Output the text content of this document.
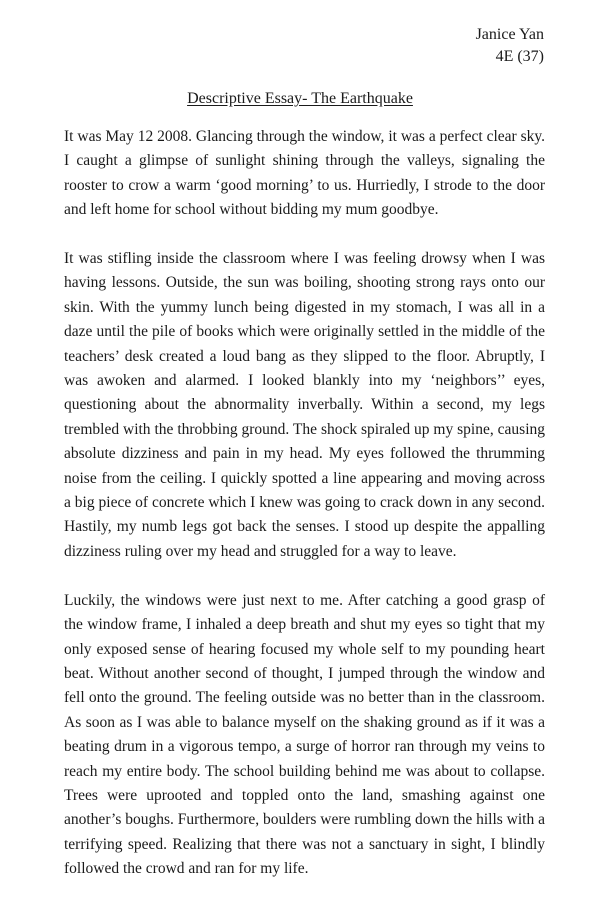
Janice Yan
4E (37)
Descriptive Essay- The Earthquake

It was May 12 2008. Glancing through the window, it was a perfect clear sky. I caught a glimpse of sunlight shining through the valleys, signaling the rooster to crow a warm ‘good morning’ to us. Hurriedly, I strode to the door and left home for school without bidding my mum goodbye.

It was stifling inside the classroom where I was feeling drowsy when I was having lessons. Outside, the sun was boiling, shooting strong rays onto our skin. With the yummy lunch being digested in my stomach, I was all in a daze until the pile of books which were originally settled in the middle of the teachers’ desk created a loud bang as they slipped to the floor. Abruptly, I was awoken and alarmed. I looked blankly into my ‘neighbors’’ eyes, questioning about the abnormality inverbally. Within a second, my legs trembled with the throbbing ground. The shock spiraled up my spine, causing absolute dizziness and pain in my head. My eyes followed the thrumming noise from the ceiling. I quickly spotted a line appearing and moving across a big piece of concrete which I knew was going to crack down in any second. Hastily, my numb legs got back the senses. I stood up despite the appalling dizziness ruling over my head and struggled for a way to leave.

Luckily, the windows were just next to me. After catching a good grasp of the window frame, I inhaled a deep breath and shut my eyes so tight that my only exposed sense of hearing focused my whole self to my pounding heart beat. Without another second of thought, I jumped through the window and fell onto the ground. The feeling outside was no better than in the classroom. As soon as I was able to balance myself on the shaking ground as if it was a beating drum in a vigorous tempo, a surge of horror ran through my veins to reach my entire body. The school building behind me was about to collapse. Trees were uprooted and toppled onto the land, smashing against one another’s boughs. Furthermore, boulders were rumbling down the hills with a terrifying speed. Realizing that there was not a sanctuary in sight, I blindly followed the crowd and ran for my life.
